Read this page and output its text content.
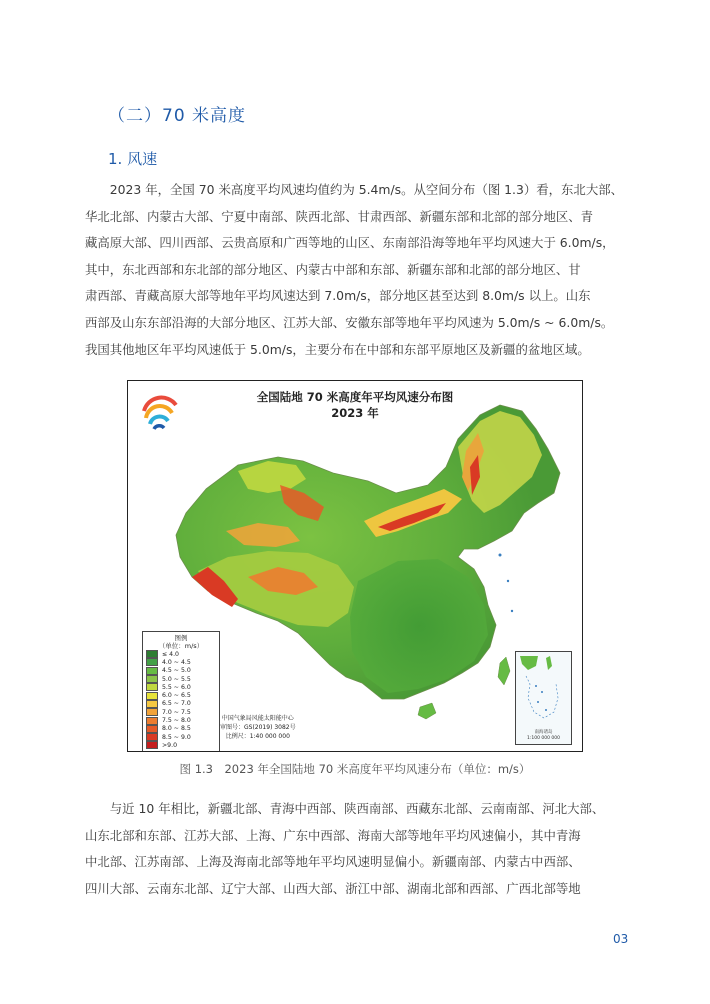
（二）70 米高度
1. 风速
　　2023 年，全国 70 米高度平均风速均值约为 5.4m/s。从空间分布（图 1.3）看，东北大部、
华北北部、内蒙古大部、宁夏中南部、陕西北部、甘肃西部、新疆东部和北部的部分地区、青
藏高原大部、四川西部、云贵高原和广西等地的山区、东南部沿海等地年平均风速大于 6.0m/s，
其中，东北西部和东北部的部分地区、内蒙古中部和东部、新疆东部和北部的部分地区、甘
肃西部、青藏高原大部等地年平均风速达到 7.0m/s，部分地区甚至达到 8.0m/s 以上。山东
西部及山东东部沿海的大部分地区、江苏大部、安徽东部等地年平均风速为 5.0m/s ~ 6.0m/s。
我国其他地区年平均风速低于 5.0m/s，主要分布在中部和东部平原地区及新疆的盆地区域。
全国陆地 70 米高度年平均风速分布图
2023 年
图例
（单位：m/s）
≤ 4.0
4.0 ~ 4.5
4.5 ~ 5.0
5.0 ~ 5.5
5.5 ~ 6.0
6.0 ~ 6.5
6.5 ~ 7.0
7.0 ~ 7.5
7.5 ~ 8.0
8.0 ~ 8.5
8.5 ~ 9.0
>9.0
中国气象局风能太阳能中心
审图号：GS(2019) 3082号
比例尺：1:40 000 000
南海诸岛
1:100 000 000
图 1.3　2023 年全国陆地 70 米高度年平均风速分布（单位：m/s）
　　与近 10 年相比，新疆北部、青海中西部、陕西南部、西藏东北部、云南南部、河北大部、
山东北部和东部、江苏大部、上海、广东中西部、海南大部等地年平均风速偏小，其中青海
中北部、江苏南部、上海及海南北部等地年平均风速明显偏小。新疆南部、内蒙古中西部、
四川大部、云南东北部、辽宁大部、山西大部、浙江中部、湖南北部和西部、广西北部等地
03
